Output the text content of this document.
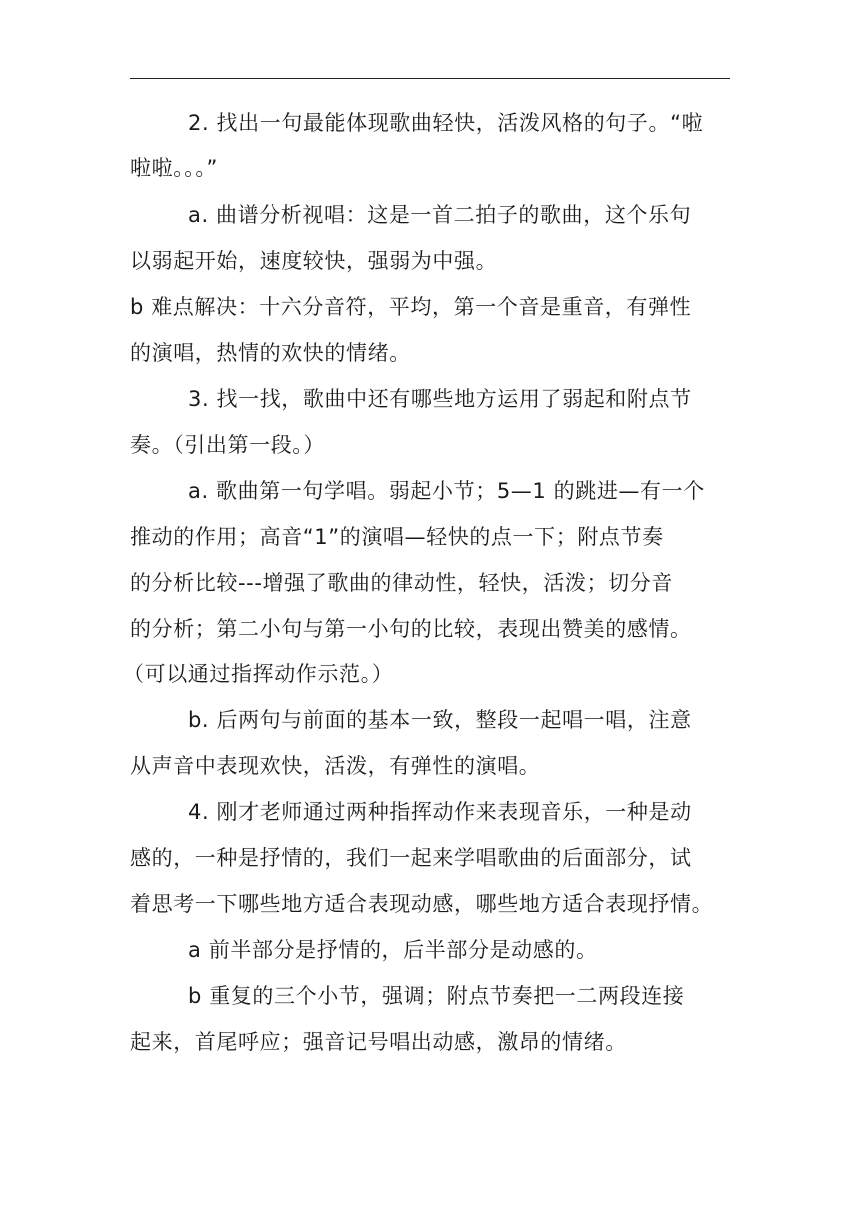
2. 找出一句最能体现歌曲轻快，活泼风格的句子。“啦
啦啦。。。”
a. 曲谱分析视唱：这是一首二拍子的歌曲，这个乐句
以弱起开始，速度较快，强弱为中强。
b 难点解决：十六分音符，平均，第一个音是重音，有弹性
的演唱，热情的欢快的情绪。
3. 找一找，歌曲中还有哪些地方运用了弱起和附点节
奏。（引出第一段。）
a. 歌曲第一句学唱。弱起小节；5—1 的跳进—有一个
推动的作用；高音“1”的演唱—轻快的点一下；附点节奏
的分析比较---增强了歌曲的律动性，轻快，活泼；切分音
的分析；第二小句与第一小句的比较，表现出赞美的感情。
（可以通过指挥动作示范。）
b. 后两句与前面的基本一致，整段一起唱一唱，注意
从声音中表现欢快，活泼，有弹性的演唱。
4. 刚才老师通过两种指挥动作来表现音乐，一种是动
感的，一种是抒情的，我们一起来学唱歌曲的后面部分，试
着思考一下哪些地方适合表现动感，哪些地方适合表现抒情。
a 前半部分是抒情的，后半部分是动感的。
b 重复的三个小节，强调；附点节奏把一二两段连接
起来，首尾呼应；强音记号唱出动感，激昂的情绪。
